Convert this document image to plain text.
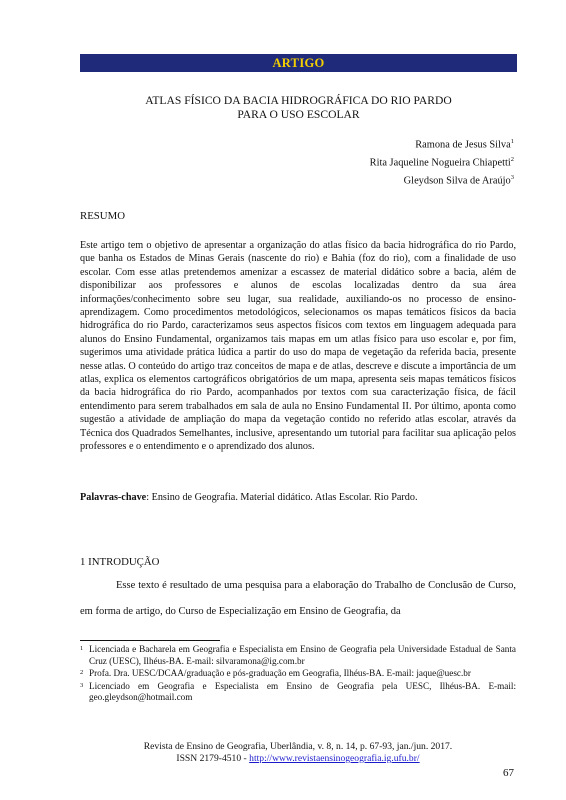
ARTIGO
ATLAS FÍSICO DA BACIA HIDROGRÁFICA DO RIO PARDO
PARA O USO ESCOLAR
Ramona de Jesus Silva$^1$
Rita Jaqueline Nogueira Chiapetti$^2$
Gleydson Silva de Araújo$^3$
RESUMO

Este artigo tem o objetivo de apresentar a organização do atlas físico da bacia hidrográfica do rio Pardo, que banha os Estados de Minas Gerais (nascente do rio) e Bahia (foz do rio), com a finalidade de uso escolar. Com esse atlas pretendemos amenizar a escassez de material didático sobre a bacia, além de disponibilizar aos professores e alunos de escolas localizadas dentro da sua área informações/conhecimento sobre seu lugar, sua realidade, auxiliando-os no processo de ensino-aprendizagem. Como procedimentos metodológicos, selecionamos os mapas temáticos físicos da bacia hidrográfica do rio Pardo, caracterizamos seus aspectos físicos com textos em linguagem adequada para alunos do Ensino Fundamental, organizamos tais mapas em um atlas físico para uso escolar e, por fim, sugerimos uma atividade prática lúdica a partir do uso do mapa de vegetação da referida bacia, presente nesse atlas. O conteúdo do artigo traz conceitos de mapa e de atlas, descreve e discute a importância de um atlas, explica os elementos cartográficos obrigatórios de um mapa, apresenta seis mapas temáticos físicos da bacia hidrográfica do rio Pardo, acompanhados por textos com sua caracterização física, de fácil entendimento para serem trabalhados em sala de aula no Ensino Fundamental II. Por último, aponta como sugestão a atividade de ampliação do mapa da vegetação contido no referido atlas escolar, através da Técnica dos Quadrados Semelhantes, inclusive, apresentando um tutorial para facilitar sua aplicação pelos professores e o entendimento e o aprendizado dos alunos.

Palavras-chave: Ensino de Geografia. Material didático. Atlas Escolar. Rio Pardo.

1 INTRODUÇÃO

Esse texto é resultado de uma pesquisa para a elaboração do Trabalho de Conclusão de Curso, em forma de artigo, do Curso de Especialização em Ensino de Geografia, da

1 Licenciada e Bacharela em Geografia e Especialista em Ensino de Geografia pela Universidade Estadual de Santa Cruz (UESC), Ilhéus-BA. E-mail: silvaramona@ig.com.br

2 Profa. Dra. UESC/DCAA/graduação e pós-graduação em Geografia, Ilhéus-BA. E-mail: jaque@uesc.br

3 Licenciado em Geografia e Especialista em Ensino de Geografia pela UESC, Ilhéus-BA. E-mail: geo.gleydson@hotmail.com

Revista de Ensino de Geografia, Uberlândia, v. 8, n. 14, p. 67-93, jan./jun. 2017.
ISSN 2179-4510 - http://www.revistaensinogeografia.ig.ufu.br/
67
